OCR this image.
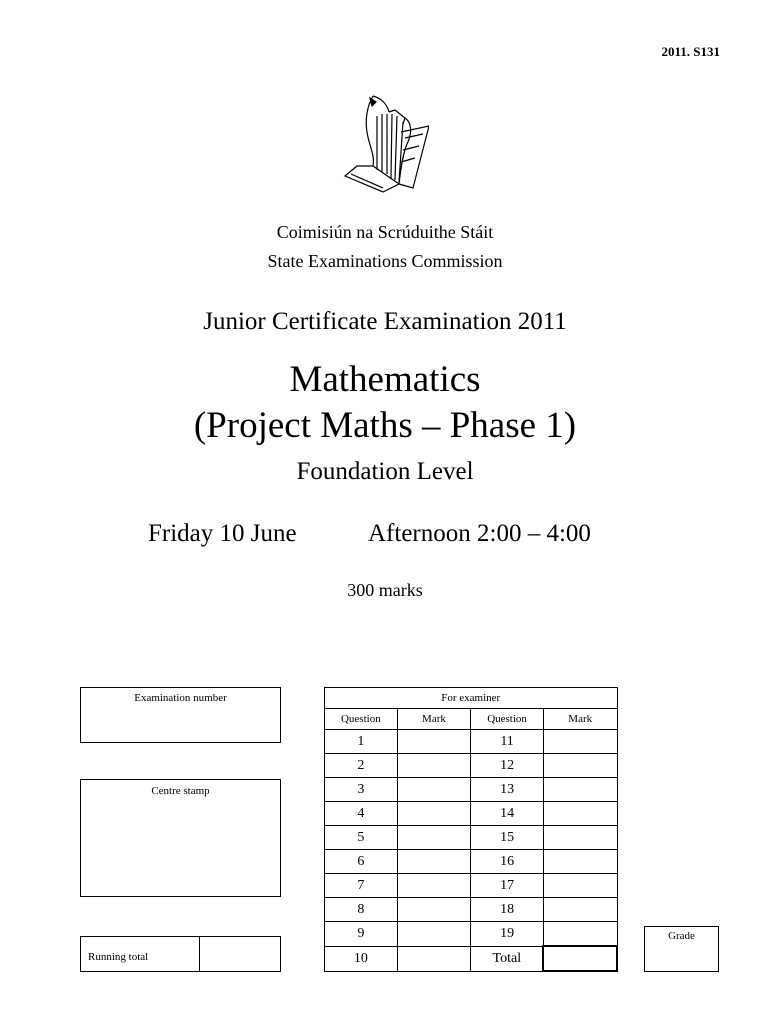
2011. S131
Coimisiún na Scrúduithe Stáit
State Examinations Commission
Junior Certificate Examination 2011
Mathematics
(Project Maths – Phase 1)
Foundation Level
Friday 10 June	Afternoon 2:00 – 4:00
300 marks
Examination number
Centre stamp
Running total
For examiner			
Question	Mark	Question	Mark
1		11	
2		12	
3		13	
4		14	
5		15	
6		16	
7		17	
8		18	
9		19	
10		Total	
Grade
